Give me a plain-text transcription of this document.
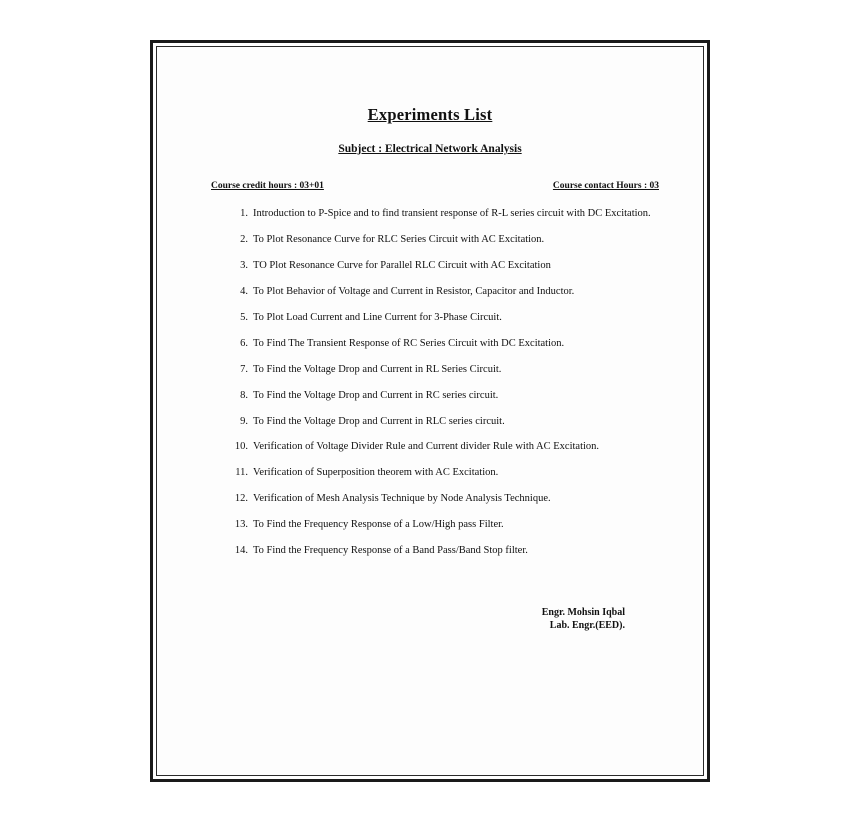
Experiments List
Subject : Electrical Network Analysis
Course credit hours : 03+01	Course contact Hours : 03
1. Introduction to P-Spice and to find transient response of R-L series circuit with DC Excitation.
2. To Plot Resonance Curve for RLC Series Circuit with AC Excitation.
3. TO Plot Resonance Curve for Parallel RLC Circuit with AC Excitation
4. To Plot Behavior of Voltage and Current in Resistor, Capacitor and Inductor.
5. To Plot Load Current and Line Current for 3-Phase Circuit.
6. To Find The Transient Response of RC Series Circuit with DC Excitation.
7. To Find the Voltage Drop and Current in RL Series Circuit.
8. To Find the Voltage Drop and Current in RC series circuit.
9. To Find the Voltage Drop and Current in RLC series circuit.
10. Verification of Voltage Divider Rule and Current divider Rule with AC Excitation.
11. Verification of Superposition theorem with AC Excitation.
12. Verification of Mesh Analysis Technique by Node Analysis Technique.
13. To Find the Frequency Response of a Low/High pass Filter.
14. To Find the Frequency Response of a Band Pass/Band Stop filter.
Engr. Mohsin Iqbal
Lab. Engr.(EED).
